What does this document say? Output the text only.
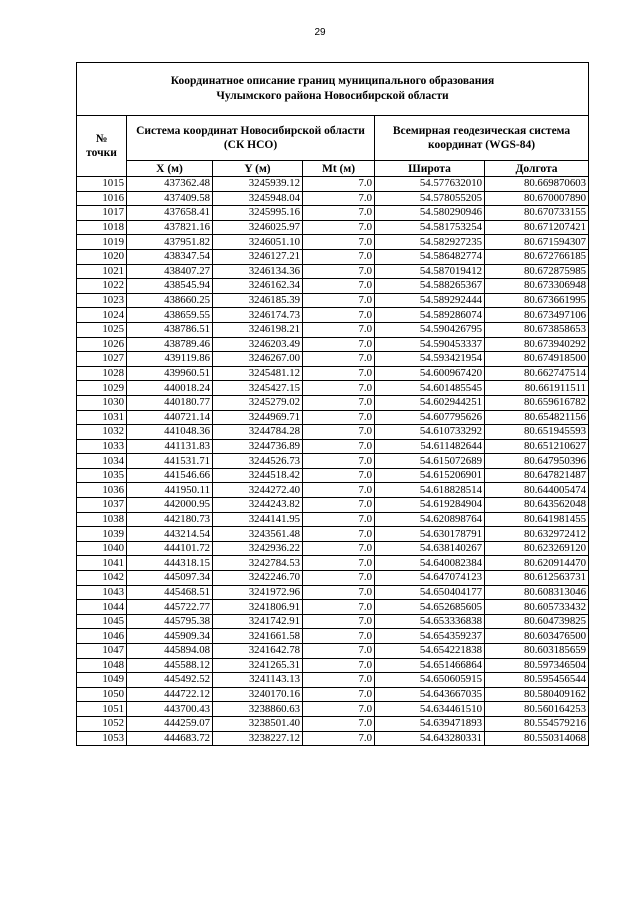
29
Координатное описание границ муниципального образования
Чулымского района Новосибирской области					
№
точки	Система координат Новосибирской области (СК НСО)			Всемирная геодезическая система координат (WGS-84)	
	X (м)	Y (м)	Mt (м)	Широта	Долгота
1015	437362.48	3245939.12	7.0	54.577632010	80.669870603
1016	437409.58	3245948.04	7.0	54.578055205	80.670007890
1017	437658.41	3245995.16	7.0	54.580290946	80.670733155
1018	437821.16	3246025.97	7.0	54.581753254	80.671207421
1019	437951.82	3246051.10	7.0	54.582927235	80.671594307
1020	438347.54	3246127.21	7.0	54.586482774	80.672766185
1021	438407.27	3246134.36	7.0	54.587019412	80.672875985
1022	438545.94	3246162.34	7.0	54.588265367	80.673306948
1023	438660.25	3246185.39	7.0	54.589292444	80.673661995
1024	438659.55	3246174.73	7.0	54.589286074	80.673497106
1025	438786.51	3246198.21	7.0	54.590426795	80.673858653
1026	438789.46	3246203.49	7.0	54.590453337	80.673940292
1027	439119.86	3246267.00	7.0	54.593421954	80.674918500
1028	439960.51	3245481.12	7.0	54.600967420	80.662747514
1029	440018.24	3245427.15	7.0	54.601485545	80.661911511
1030	440180.77	3245279.02	7.0	54.602944251	80.659616782
1031	440721.14	3244969.71	7.0	54.607795626	80.654821156
1032	441048.36	3244784.28	7.0	54.610733292	80.651945593
1033	441131.83	3244736.89	7.0	54.611482644	80.651210627
1034	441531.71	3244526.73	7.0	54.615072689	80.647950396
1035	441546.66	3244518.42	7.0	54.615206901	80.647821487
1036	441950.11	3244272.40	7.0	54.618828514	80.644005474
1037	442000.95	3244243.82	7.0	54.619284904	80.643562048
1038	442180.73	3244141.95	7.0	54.620898764	80.641981455
1039	443214.54	3243561.48	7.0	54.630178791	80.632972412
1040	444101.72	3242936.22	7.0	54.638140267	80.623269120
1041	444318.15	3242784.53	7.0	54.640082384	80.620914470
1042	445097.34	3242246.70	7.0	54.647074123	80.612563731
1043	445468.51	3241972.96	7.0	54.650404177	80.608313046
1044	445722.77	3241806.91	7.0	54.652685605	80.605733432
1045	445795.38	3241742.91	7.0	54.653336838	80.604739825
1046	445909.34	3241661.58	7.0	54.654359237	80.603476500
1047	445894.08	3241642.78	7.0	54.654221838	80.603185659
1048	445588.12	3241265.31	7.0	54.651466864	80.597346504
1049	445492.52	3241143.13	7.0	54.650605915	80.595456544
1050	444722.12	3240170.16	7.0	54.643667035	80.580409162
1051	443700.43	3238860.63	7.0	54.634461510	80.560164253
1052	444259.07	3238501.40	7.0	54.639471893	80.554579216
1053	444683.72	3238227.12	7.0	54.643280331	80.550314068
